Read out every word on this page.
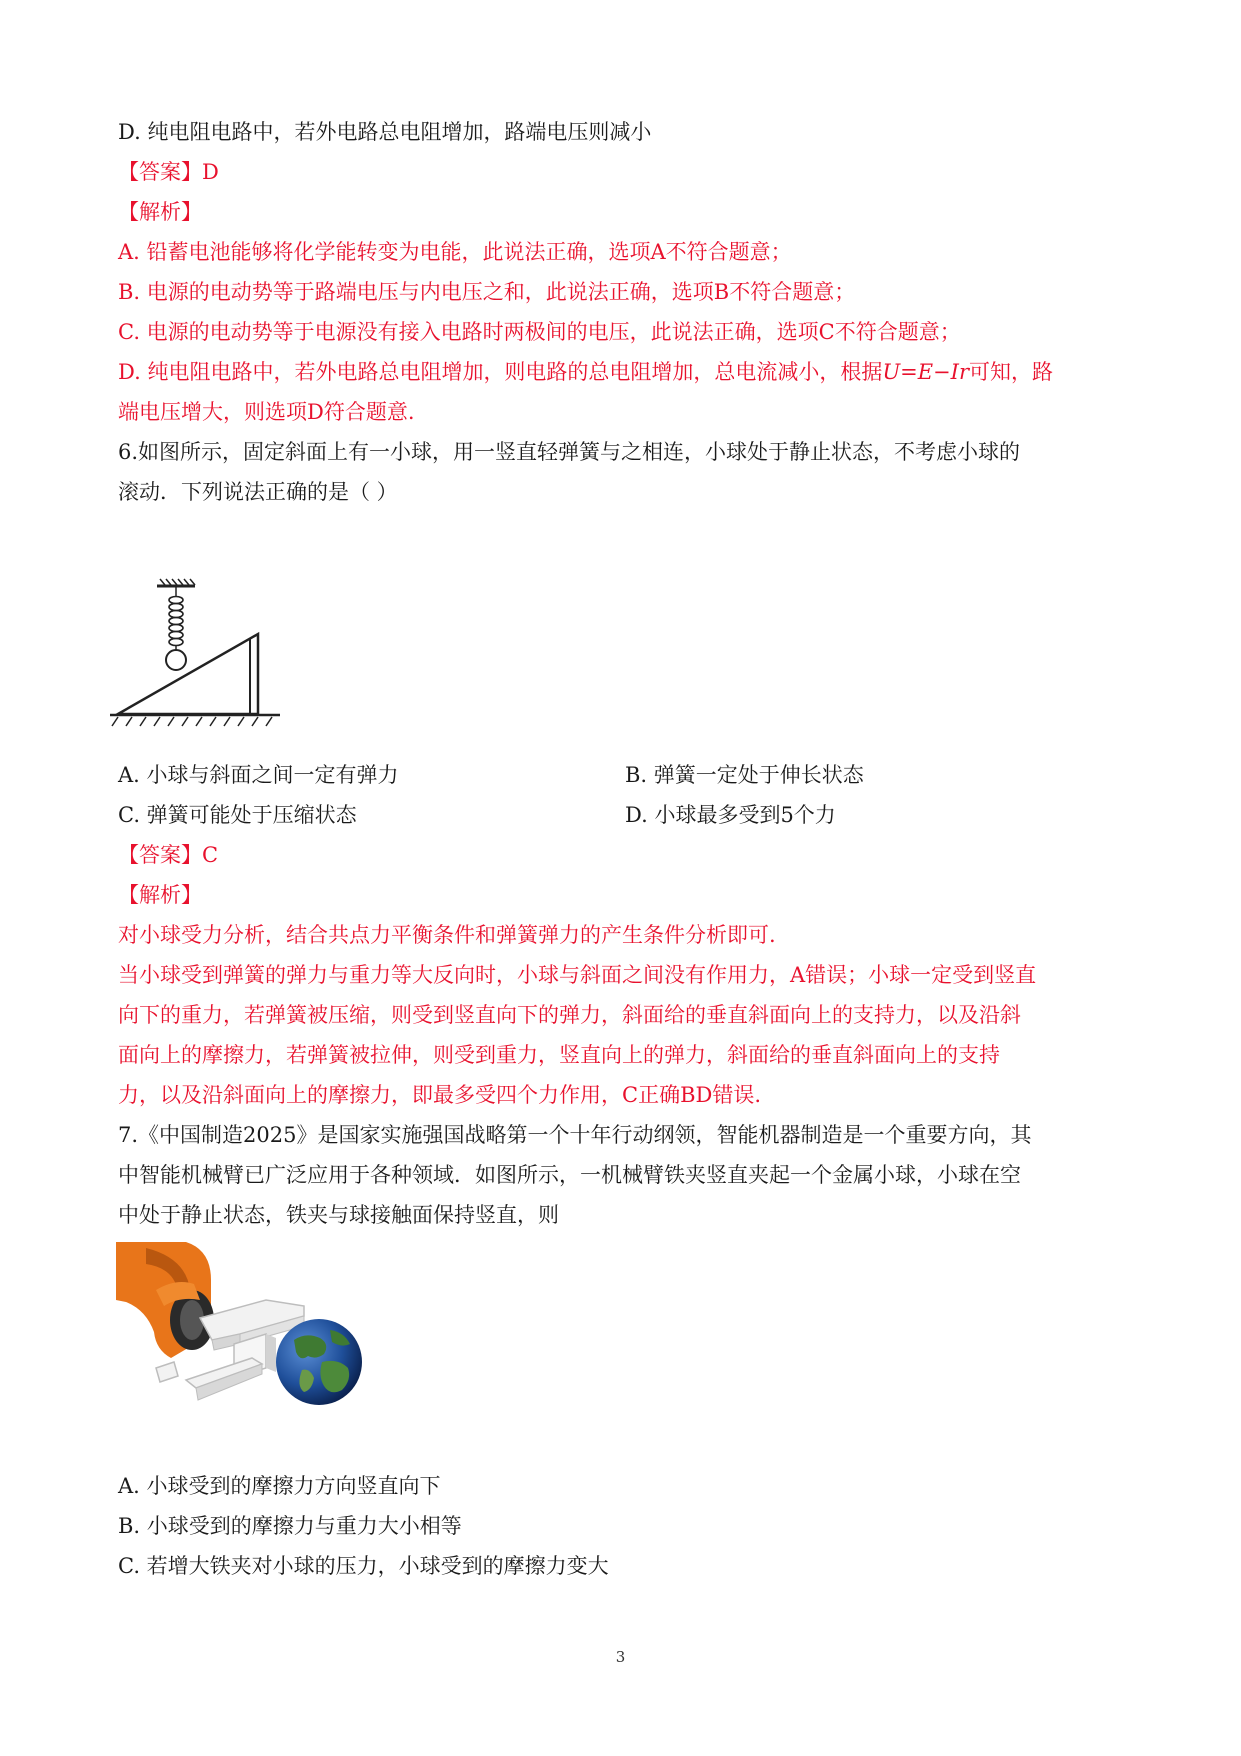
D. 纯电阻电路中，若外电路总电阻增加，路端电压则减小
【答案】D
【解析】
A. 铅蓄电池能够将化学能转变为电能，此说法正确，选项A不符合题意；
B. 电源的电动势等于路端电压与内电压之和，此说法正确，选项B不符合题意；
C. 电源的电动势等于电源没有接入电路时两极间的电压，此说法正确，选项C不符合题意；
D. 纯电阻电路中，若外电路总电阻增加，则电路的总电阻增加，总电流减小，根据U=E−Ir可知，路
端电压增大，则选项D符合题意.
6.如图所示，固定斜面上有一小球，用一竖直轻弹簧与之相连，小球处于静止状态，不考虑小球的
滚动．下列说法正确的是（ ）
A. 小球与斜面之间一定有弹力	B. 弹簧一定处于伸长状态
C. 弹簧可能处于压缩状态	D. 小球最多受到5个力
【答案】C
【解析】
对小球受力分析，结合共点力平衡条件和弹簧弹力的产生条件分析即可.
当小球受到弹簧的弹力与重力等大反向时，小球与斜面之间没有作用力，A错误；小球一定受到竖直
向下的重力，若弹簧被压缩，则受到竖直向下的弹力，斜面给的垂直斜面向上的支持力，以及沿斜
面向上的摩擦力，若弹簧被拉伸，则受到重力，竖直向上的弹力，斜面给的垂直斜面向上的支持
力，以及沿斜面向上的摩擦力，即最多受四个力作用，C正确BD错误.
7.《中国制造2025》是国家实施强国战略第一个十年行动纲领，智能机器制造是一个重要方向，其
中智能机械臂已广泛应用于各种领域．如图所示，一机械臂铁夹竖直夹起一个金属小球，小球在空
中处于静止状态，铁夹与球接触面保持竖直，则
A. 小球受到的摩擦力方向竖直向下
B. 小球受到的摩擦力与重力大小相等
C. 若增大铁夹对小球的压力，小球受到的摩擦力变大
3
